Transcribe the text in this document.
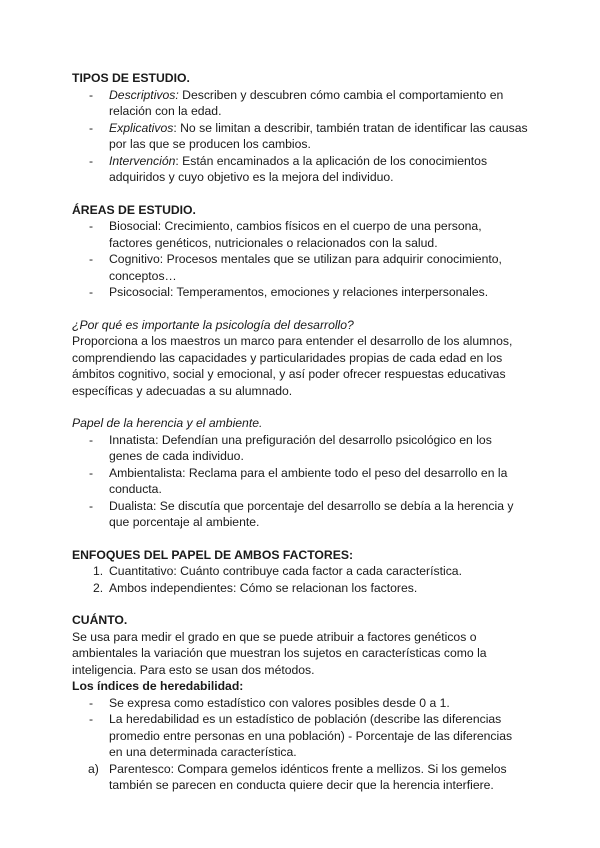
TIPOS DE ESTUDIO.

- Descriptivos: Describen y descubren cómo cambia el comportamiento en relación con la edad.
- Explicativos: No se limitan a describir, también tratan de identificar las causas por las que se producen los cambios.
- Intervención: Están encaminados a la aplicación de los conocimientos adquiridos y cuyo objetivo es la mejora del individuo.

ÁREAS DE ESTUDIO.

- Biosocial: Crecimiento, cambios físicos en el cuerpo de una persona, factores genéticos, nutricionales o relacionados con la salud.
- Cognitivo: Procesos mentales que se utilizan para adquirir conocimiento, conceptos…
- Psicosocial: Temperamentos, emociones y relaciones interpersonales.

¿Por qué es importante la psicología del desarrollo?

Proporciona a los maestros un marco para entender el desarrollo de los alumnos, comprendiendo las capacidades y particularidades propias de cada edad en los ámbitos cognitivo, social y emocional, y así poder ofrecer respuestas educativas específicas y adecuadas a su alumnado.

Papel de la herencia y el ambiente.

- Innatista: Defendían una prefiguración del desarrollo psicológico en los genes de cada individuo.
- Ambientalista: Reclama para el ambiente todo el peso del desarrollo en la conducta.
- Dualista: Se discutía que porcentaje del desarrollo se debía a la herencia y que porcentaje al ambiente.

ENFOQUES DEL PAPEL DE AMBOS FACTORES:

1. Cuantitativo: Cuánto contribuye cada factor a cada característica.
2. Ambos independientes: Cómo se relacionan los factores.

CUÁNTO.

Se usa para medir el grado en que se puede atribuir a factores genéticos o ambientales la variación que muestran los sujetos en características como la inteligencia. Para esto se usan dos métodos.

Los índices de heredabilidad:

- Se expresa como estadístico con valores posibles desde 0 a 1.
- La heredabilidad es un estadístico de población (describe las diferencias promedio entre personas en una población) - Porcentaje de las diferencias en una determinada característica.
a) Parentesco: Compara gemelos idénticos frente a mellizos. Si los gemelos también se parecen en conducta quiere decir que la herencia interfiere.
